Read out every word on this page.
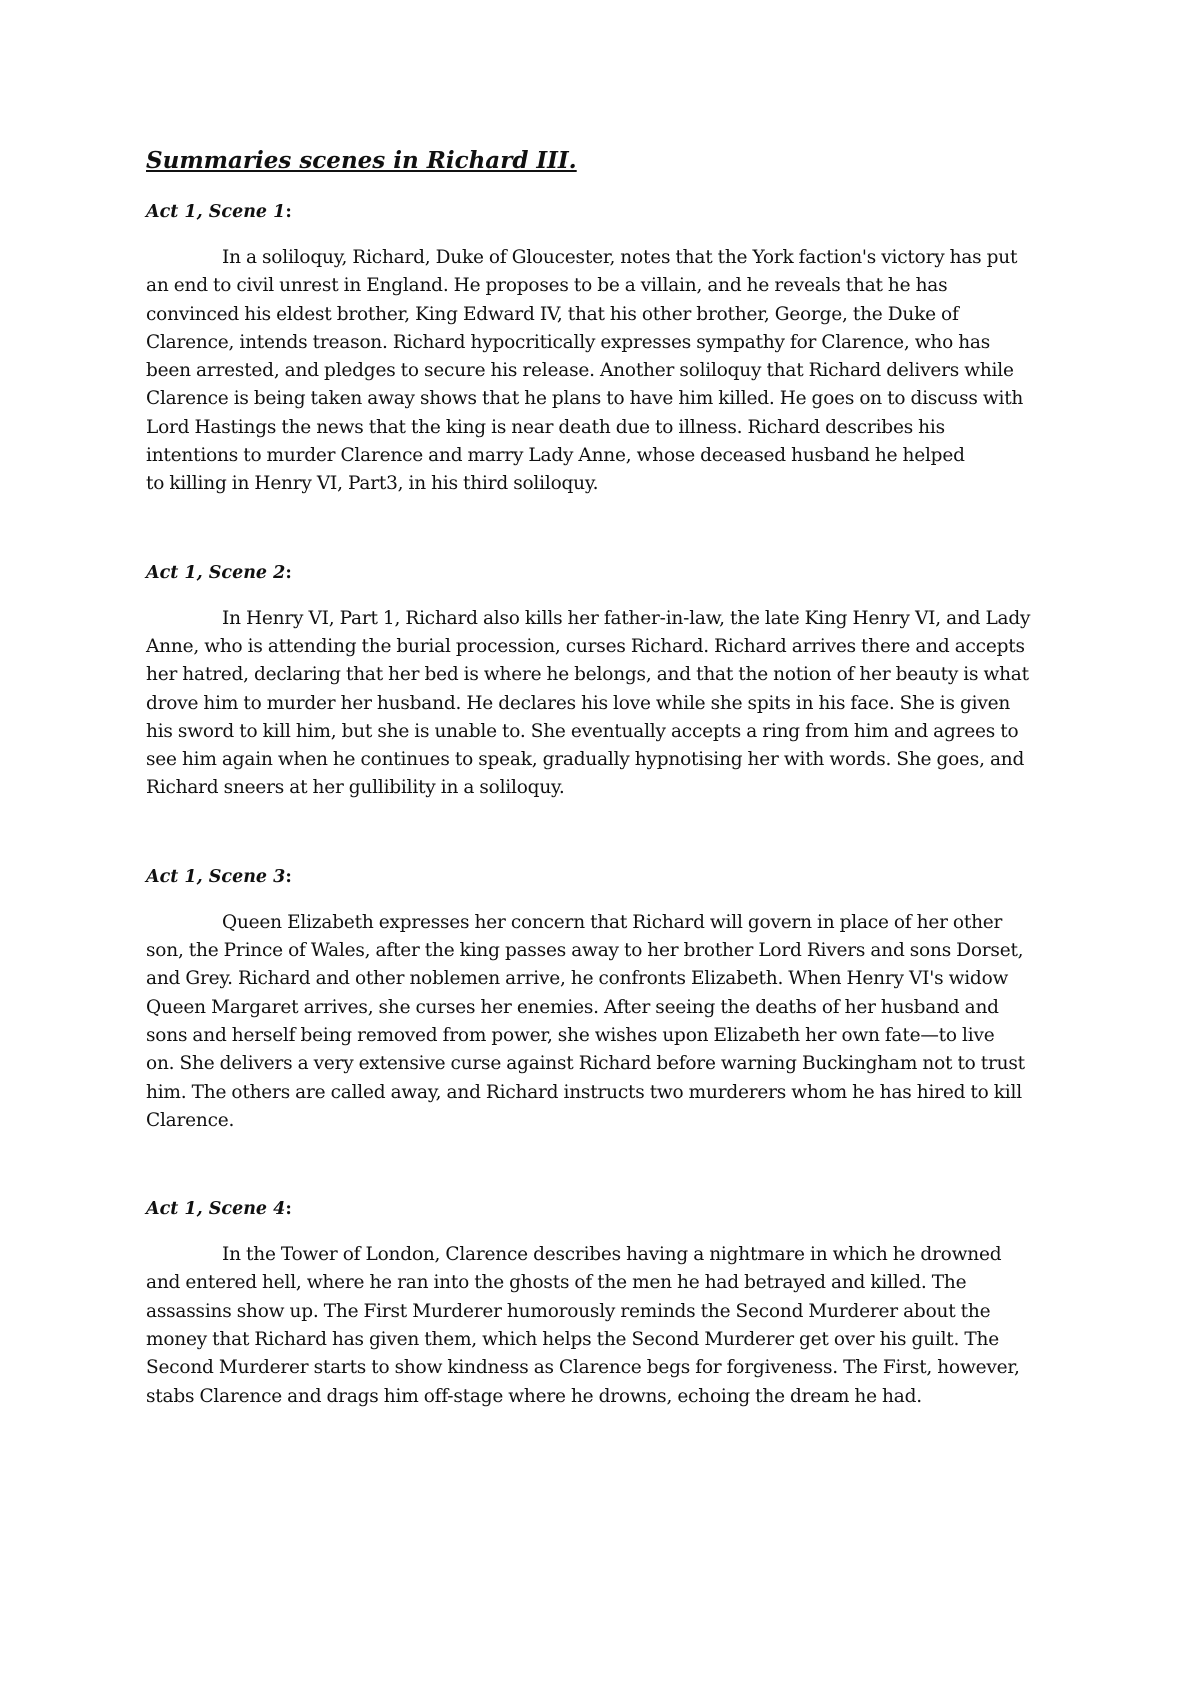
Summaries scenes in Richard III.
Act 1, Scene 1:

In a soliloquy, Richard, Duke of Gloucester, notes that the York faction's victory has put
an end to civil unrest in England. He proposes to be a villain, and he reveals that he has
convinced his eldest brother, King Edward IV, that his other brother, George, the Duke of
Clarence, intends treason. Richard hypocritically expresses sympathy for Clarence, who has
been arrested, and pledges to secure his release. Another soliloquy that Richard delivers while
Clarence is being taken away shows that he plans to have him killed. He goes on to discuss with
Lord Hastings the news that the king is near death due to illness. Richard describes his
intentions to murder Clarence and marry Lady Anne, whose deceased husband he helped
to killing in Henry VI, Part3, in his third soliloquy.

Act 1, Scene 2:

In Henry VI, Part 1, Richard also kills her father-in-law, the late King Henry VI, and Lady
Anne, who is attending the burial procession, curses Richard. Richard arrives there and accepts
her hatred, declaring that her bed is where he belongs, and that the notion of her beauty is what
drove him to murder her husband. He declares his love while she spits in his face. She is given
his sword to kill him, but she is unable to. She eventually accepts a ring from him and agrees to
see him again when he continues to speak, gradually hypnotising her with words. She goes, and
Richard sneers at her gullibility in a soliloquy.

Act 1, Scene 3:

Queen Elizabeth expresses her concern that Richard will govern in place of her other
son, the Prince of Wales, after the king passes away to her brother Lord Rivers and sons Dorset,
and Grey. Richard and other noblemen arrive, he confronts Elizabeth. When Henry VI's widow
Queen Margaret arrives, she curses her enemies. After seeing the deaths of her husband and
sons and herself being removed from power, she wishes upon Elizabeth her own fate—to live
on. She delivers a very extensive curse against Richard before warning Buckingham not to trust
him. The others are called away, and Richard instructs two murderers whom he has hired to kill
Clarence.

Act 1, Scene 4:

In the Tower of London, Clarence describes having a nightmare in which he drowned
and entered hell, where he ran into the ghosts of the men he had betrayed and killed. The
assassins show up. The First Murderer humorously reminds the Second Murderer about the
money that Richard has given them, which helps the Second Murderer get over his guilt. The
Second Murderer starts to show kindness as Clarence begs for forgiveness. The First, however,
stabs Clarence and drags him off-stage where he drowns, echoing the dream he had.
